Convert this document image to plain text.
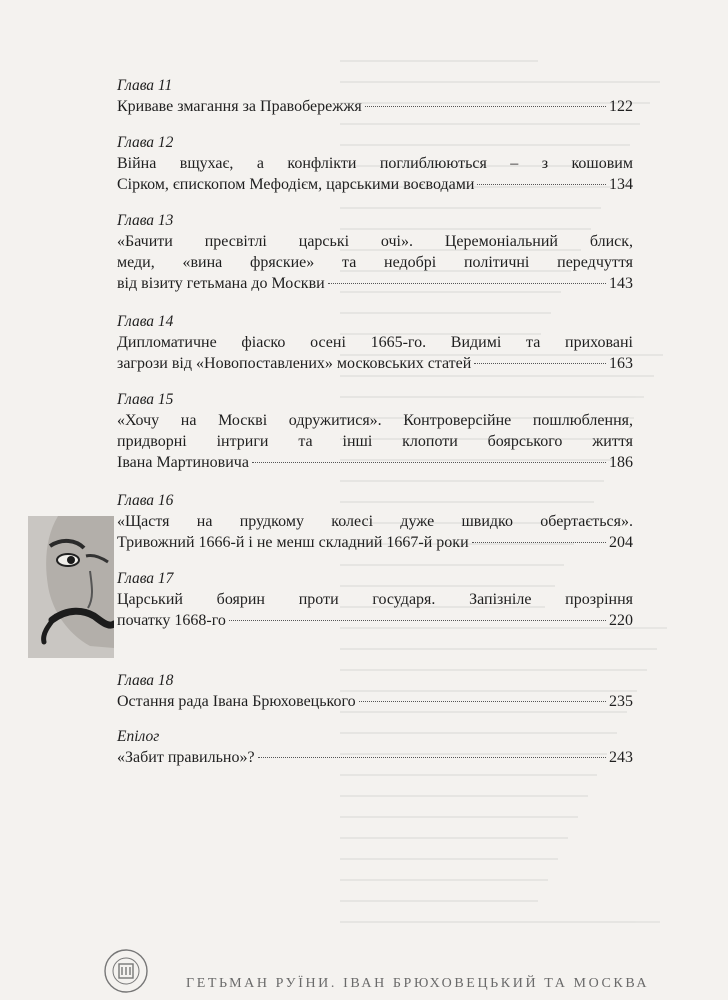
Глава 11
Криваве змагання за Правобережжя	122
Глава 12
Війна вщухає, а конфлікти поглиблюються – з кошовим
Сірком, єпископом Мефодієм, царськими воєводами	134
Глава 13
«Бачити пресвітлі царські очі». Церемоніальний блиск,
меди, «вина фряские» та недобрі політичні передчуття
від візиту гетьмана до Москви	143
Глава 14
Дипломатичне фіаско осені 1665-го. Видимі та приховані
загрози від «Новопоставлених» московських статей	163
Глава 15
«Хочу на Москві одружитися». Контроверсійне пошлюблення,
придворні інтриги та інші клопоти боярського життя
Івана Мартиновича	186
Глава 16
«Щастя на прудкому колесі дуже швидко обертається».
Тривожний 1666-й і не менш складний 1667-й роки	204
Глава 17
Царський боярин проти государя. Запізніле прозріння
початку 1668-го	220
Глава 18
Остання рада Івана Брюховецького	235
Епілог
«Забит правильно»?	243
ГЕТЬМАН РУЇНИ. ІВАН БРЮХОВЕЦЬКИЙ ТА МОСКВА
